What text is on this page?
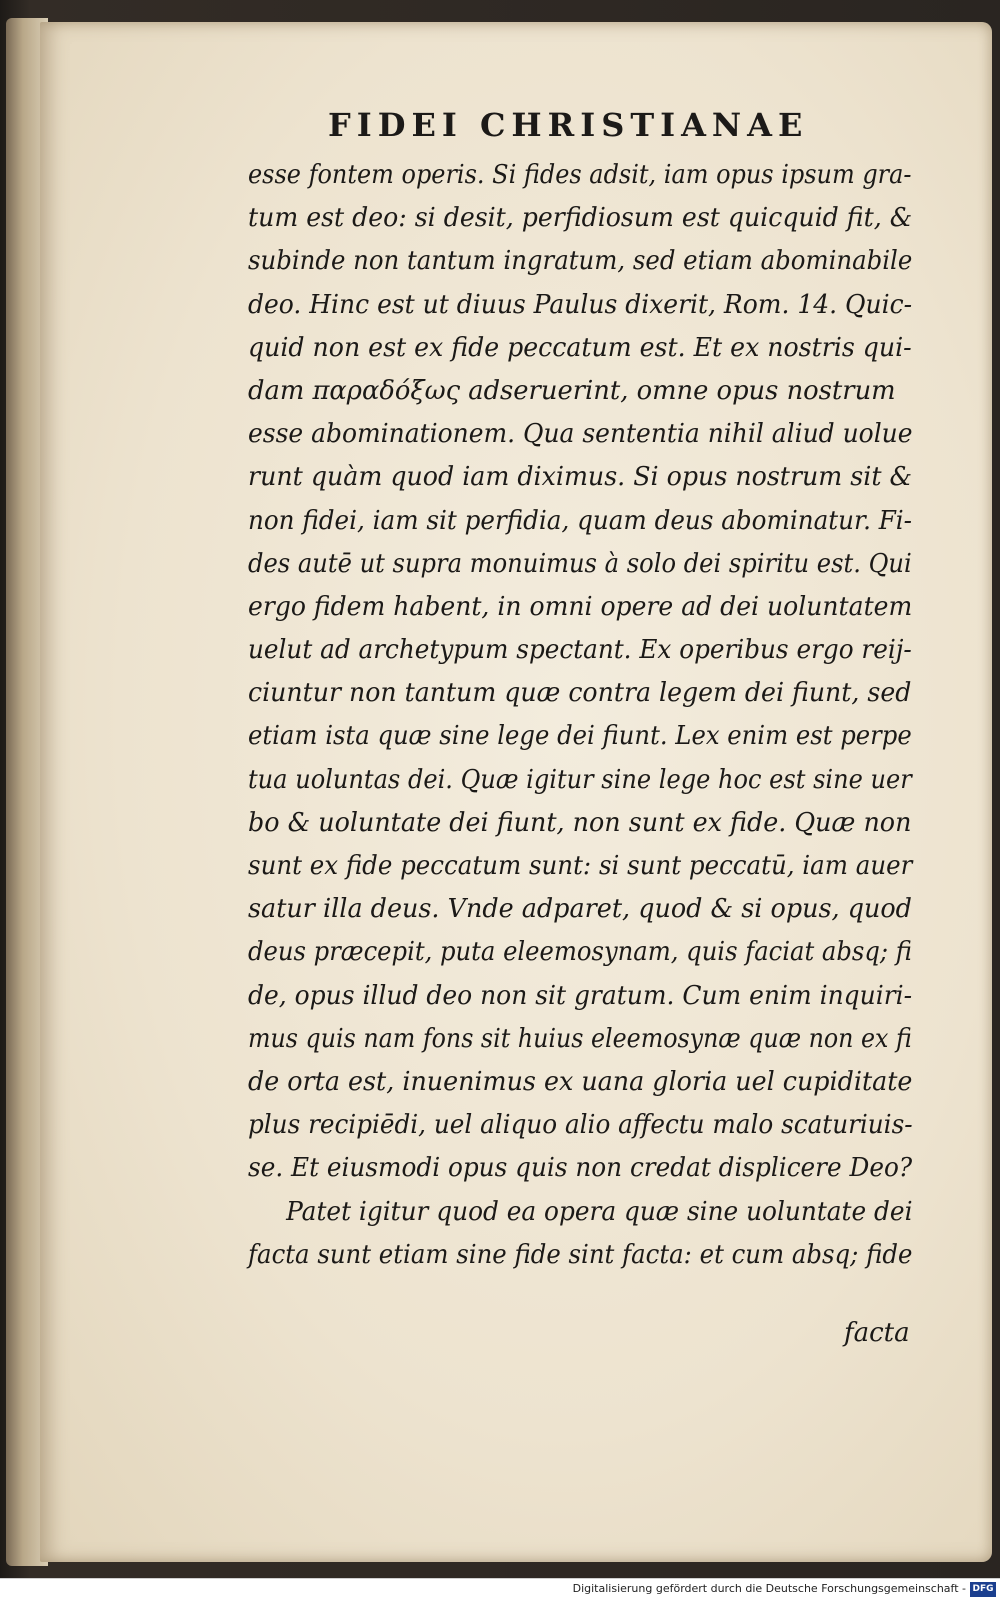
FIDEI CHRISTIANAE
esse fontem operis. Si fides adsit, iam opus ipsum gra-
tum est deo: si desit, perfidiosum est quicquid fit, &
subinde non tantum ingratum, sed etiam abominabile
deo. Hinc est ut diuus Paulus dixerit, Rom. 14. Quic-
quid non est ex fide peccatum est. Et ex nostris qui-
dam παραδόξως adseruerint, omne opus nostrum
esse abominationem. Qua sententia nihil aliud uolue
runt quàm quod iam diximus. Si opus nostrum sit &
non fidei, iam sit perfidia, quam deus abominatur. Fi-
des autē ut supra monuimus à solo dei spiritu est. Qui
ergo fidem habent, in omni opere ad dei uoluntatem
uelut ad archetypum spectant. Ex operibus ergo reij-
ciuntur non tantum quæ contra legem dei fiunt, sed
etiam ista quæ sine lege dei fiunt. Lex enim est perpe
tua uoluntas dei. Quæ igitur sine lege hoc est sine uer
bo & uoluntate dei fiunt, non sunt ex fide. Quæ non
sunt ex fide peccatum sunt: si sunt peccatū, iam auer
satur illa deus. Vnde adparet, quod & si opus, quod
deus præcepit, puta eleemosynam, quis faciat absq; fi
de, opus illud deo non sit gratum. Cum enim inquiri-
mus quis nam fons sit huius eleemosynæ quæ non ex fi
de orta est, inuenimus ex uana gloria uel cupiditate
plus recipiēdi, uel aliquo alio affectu malo scaturiuis-
se. Et eiusmodi opus quis non credat displicere Deo?
Patet igitur quod ea opera quæ sine uoluntate dei
facta sunt etiam sine fide sint facta: et cum absq; fide
facta
Digitalisierung gefördert durch die Deutsche Forschungsgemeinschaft - DFG
